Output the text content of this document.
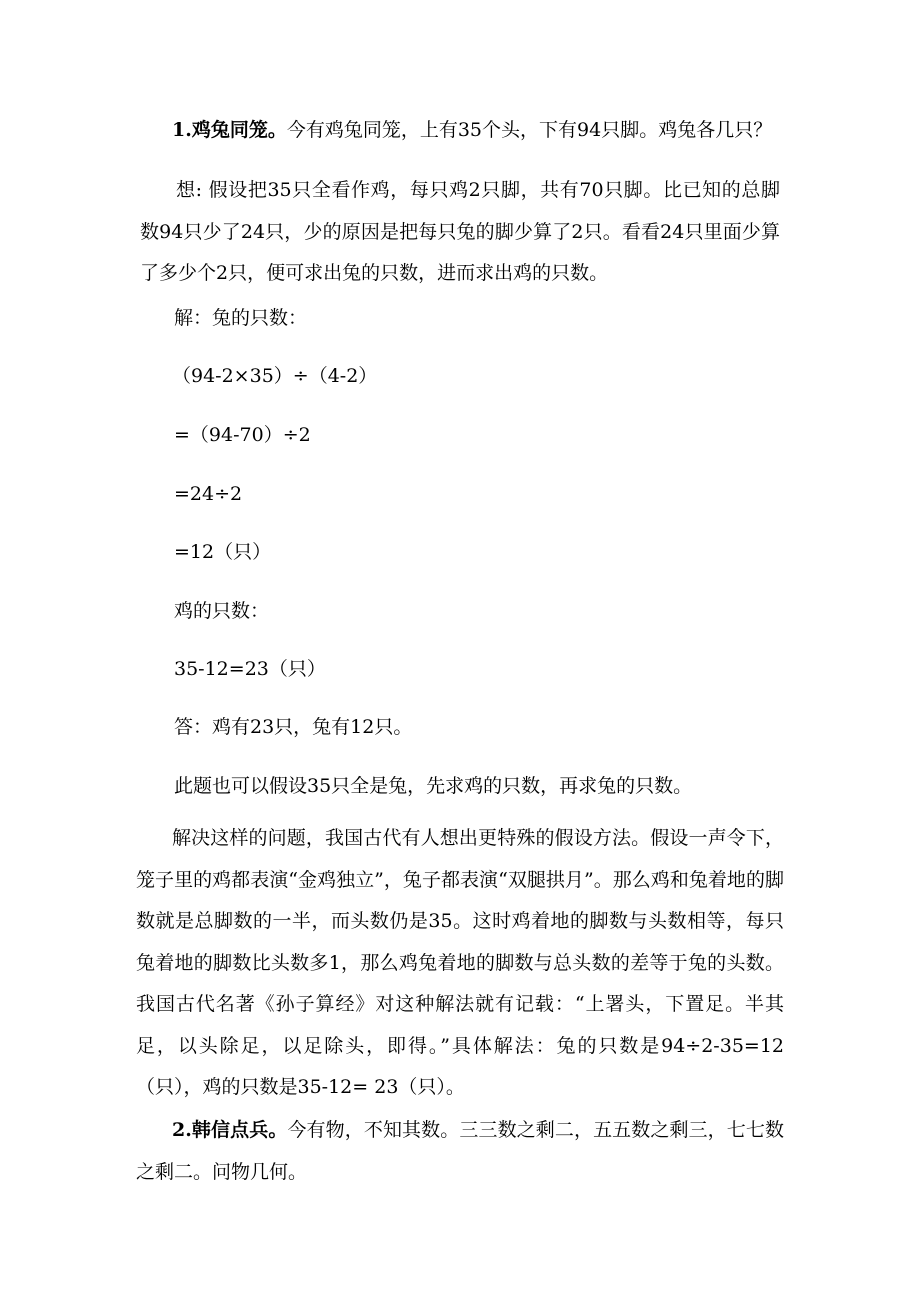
1.鸡兔同笼。今有鸡兔同笼，上有35个头，下有94只脚。鸡兔各几只？
想: 假设把35只全看作鸡，每只鸡2只脚，共有70只脚。比已知的总脚数94只少了24只，少的原因是把每只兔的脚少算了2只。看看24只里面少算了多少个2只，便可求出兔的只数，进而求出鸡的只数。
解：兔的只数：
（94-2×35）÷（4-2）
=（94-70）÷2
=24÷2
=12（只）
鸡的只数：
35-12=23（只）
答：鸡有23只，兔有12只。
此题也可以假设35只全是兔，先求鸡的只数，再求兔的只数。
解决这样的问题，我国古代有人想出更特殊的假设方法。假设一声令下，笼子里的鸡都表演“金鸡独立”，兔子都表演“双腿拱月”。那么鸡和兔着地的脚数就是总脚数的一半，而头数仍是35。这时鸡着地的脚数与头数相等，每只兔着地的脚数比头数多1，那么鸡兔着地的脚数与总头数的差等于兔的头数。我国古代名著《孙子算经》对这种解法就有记载：“上署头，下置足。半其足，以头除足，以足除头，即得。”具体解法：兔的只数是94÷2-35=12（只），鸡的只数是35-12= 23（只）。
2.韩信点兵。今有物，不知其数。三三数之剩二，五五数之剩三，七七数之剩二。问物几何。
